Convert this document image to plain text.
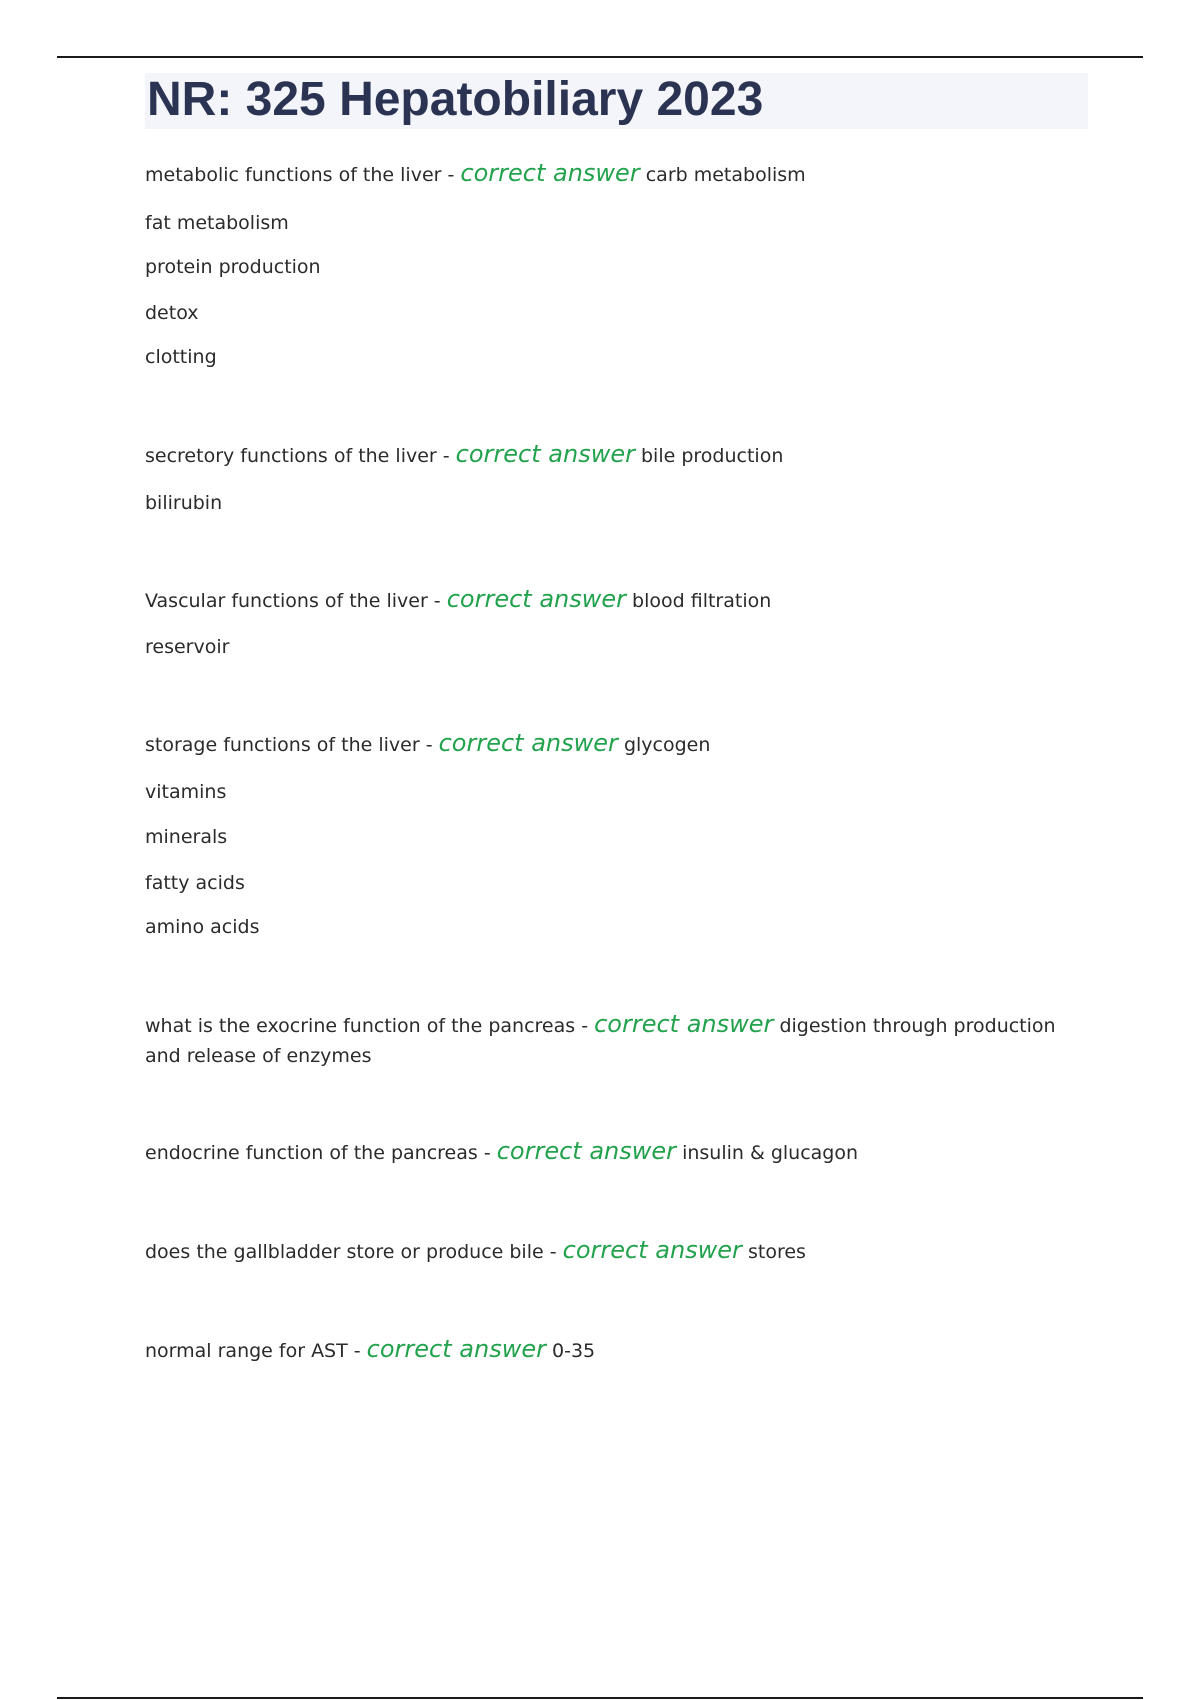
NR: 325 Hepatobiliary 2023

metabolic functions of the liver - correct answer carb metabolism

fat metabolism

protein production

detox

clotting

secretory functions of the liver - correct answer bile production

bilirubin

Vascular functions of the liver - correct answer blood filtration

reservoir

storage functions of the liver - correct answer glycogen

vitamins

minerals

fatty acids

amino acids

what is the exocrine function of the pancreas - correct answer digestion through production and release of enzymes

endocrine function of the pancreas - correct answer insulin & glucagon

does the gallbladder store or produce bile - correct answer stores

normal range for AST - correct answer 0-35
